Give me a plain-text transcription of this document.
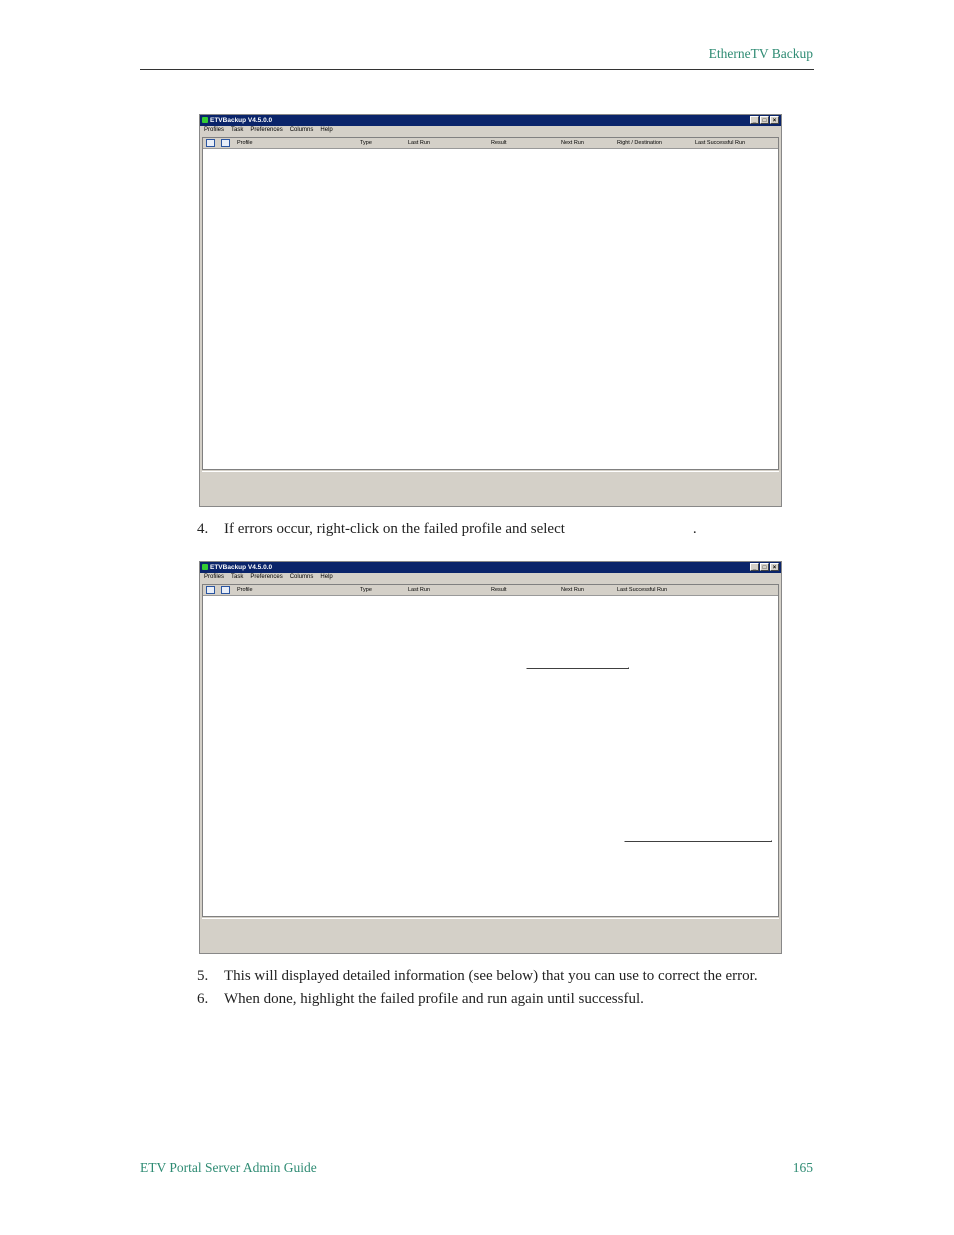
EtherneTV Backup
ETVBackup V4.5.0.0	_	□	×
Profiles Task Preferences Columns Help
Profile	Type	Last Run	Result	Next Run	Right / Destination	Last Successful Run
4. If errors occur, right-click on the failed profile and select	.
ETVBackup V4.5.0.0	_	□	×
Profiles Task Preferences Columns Help
Profile	Type	Last Run	Result	Next Run	Last Successful Run
5. This will displayed detailed information (see below) that you can use to correct the error.
6. When done, highlight the failed profile and run again until successful.
ETV Portal Server Admin Guide	165
